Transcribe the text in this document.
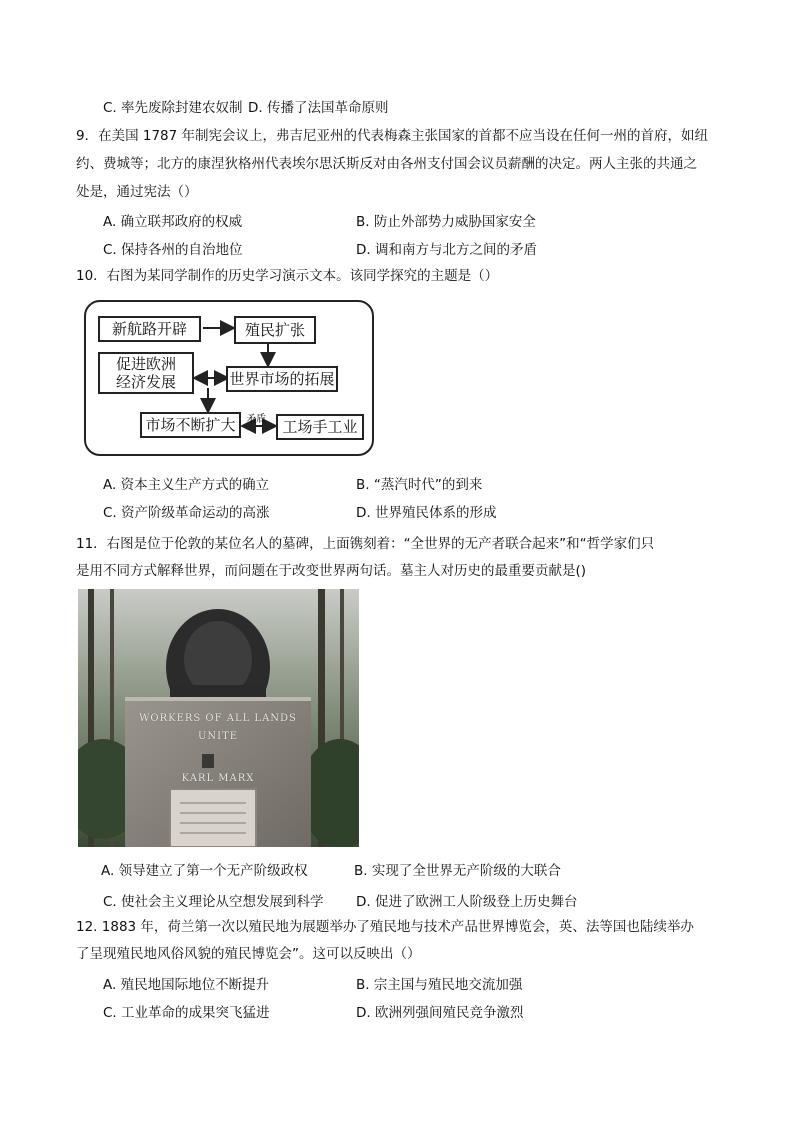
C. 率先废除封建农奴制 D. 传播了法国革命原则
9．在美国 1787 年制宪会议上，弗吉尼亚州的代表梅森主张国家的首都不应当设在任何一州的首府，如纽
约、费城等；北方的康涅狄格州代表埃尔思沃斯反对由各州支付国会议员薪酬的决定。两人主张的共通之
处是，通过宪法（）
A. 确立联邦政府的权威	B. 防止外部势力威胁国家安全
C. 保持各州的自治地位	D. 调和南方与北方之间的矛盾
10．右图为某同学制作的历史学习演示文本。该同学探究的主题是（）
新航路开辟	殖民扩张
促进欧洲
经济发展	世界市场的拓展
市场不断扩大	矛盾	工场手工业
A. 资本主义生产方式的确立	B. “蒸汽时代”的到来
C. 资产阶级革命运动的高涨	D. 世界殖民体系的形成
11．右图是位于伦敦的某位名人的墓碑，上面镌刻着：“全世界的无产者联合起来”和“哲学家们只
是用不同方式解释世界，而问题在于改变世界两句话。墓主人对历史的最重要贡献是()
WORKERS OF ALL LANDS
UNITE
KARL MARX
A. 领导建立了第一个无产阶级政权	B. 实现了全世界无产阶级的大联合
C. 使社会主义理论从空想发展到科学 D. 促进了欧洲工人阶级登上历史舞台
12. 1883 年，荷兰第一次以殖民地为展题举办了殖民地与技术产品世界博览会，英、法等国也陆续举办
了呈现殖民地风俗风貌的殖民博览会”。这可以反映出（）
A. 殖民地国际地位不断提升	B. 宗主国与殖民地交流加强
C. 工业革命的成果突飞猛进	D. 欧洲列强间殖民竞争激烈
